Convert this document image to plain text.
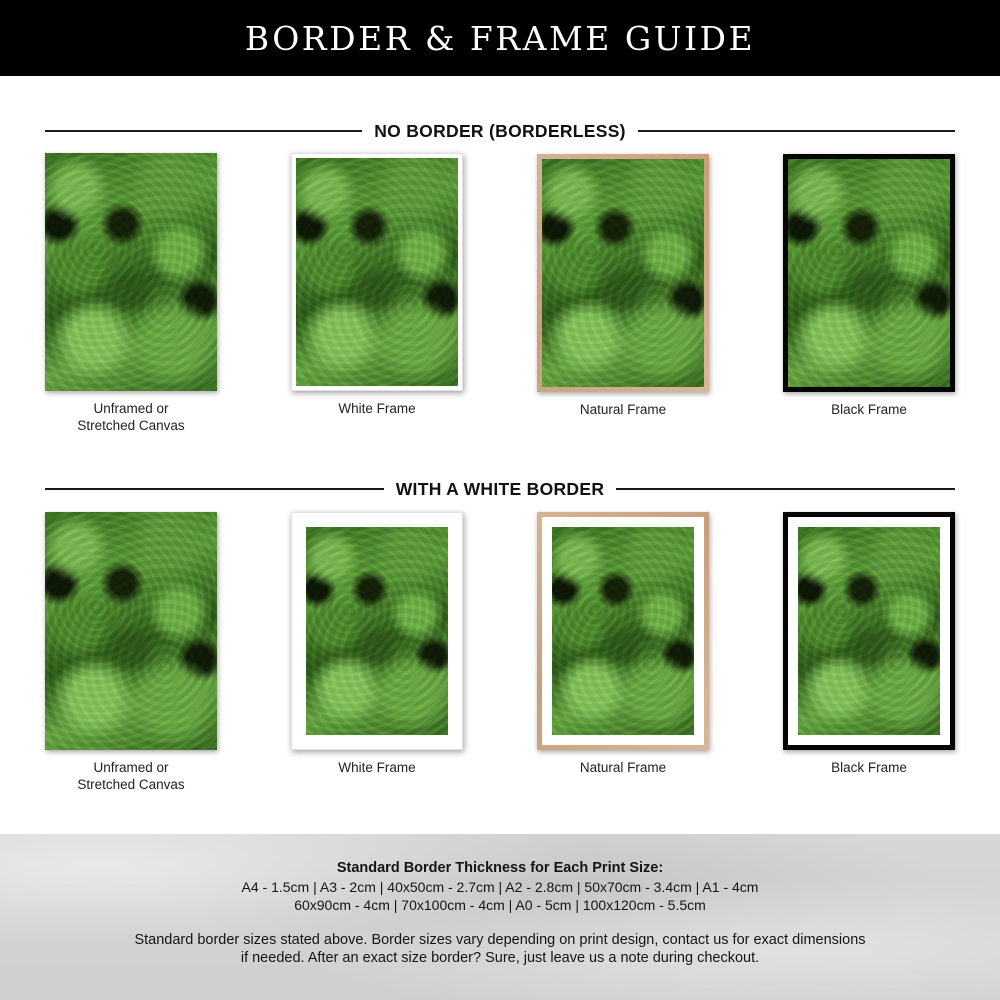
BORDER & FRAME GUIDE
NO BORDER (BORDERLESS)
Unframed or
Stretched Canvas
White Frame	Natural Frame	Black Frame
WITH A WHITE BORDER
Unframed or
Stretched Canvas
White Frame	Natural Frame	Black Frame
Standard Border Thickness for Each Print Size:
A4 - 1.5cm | A3 - 2cm | 40x50cm - 2.7cm | A2 - 2.8cm | 50x70cm - 3.4cm | A1 - 4cm
60x90cm - 4cm | 70x100cm - 4cm | A0 - 5cm | 100x120cm - 5.5cm
Standard border sizes stated above. Border sizes vary depending on print design, contact us for exact dimensions if needed. After an exact size border? Sure, just leave us a note during checkout.
